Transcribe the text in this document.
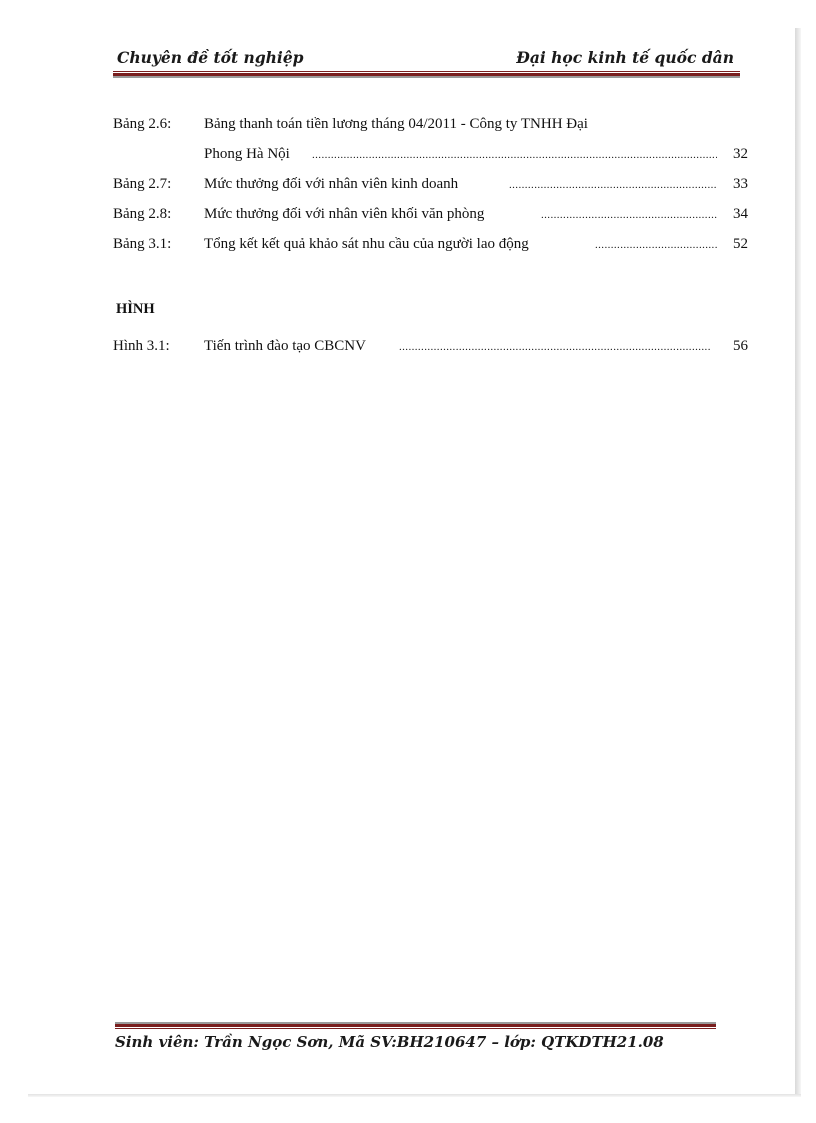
Chuyên đề tốt nghiệp	Đại học kinh tế quốc dân
Bảng 2.6: Bảng thanh toán tiền lương tháng 04/2011 - Công ty TNHH Đại
Phong Hà Nội .....	32
Bảng 2.7: Mức thưởng đối với nhân viên kinh doanh .....	33
Bảng 2.8: Mức thưởng đối với nhân viên khối văn phòng .....	34
Bảng 3.1: Tổng kết kết quả khảo sát nhu cầu của người lao động .....	52
HÌNH
Hình 3.1: Tiến trình đào tạo CBCNV .....	56
Sinh viên: Trần Ngọc Sơn, Mã SV:BH210647 – lớp: QTKDTH21.08
